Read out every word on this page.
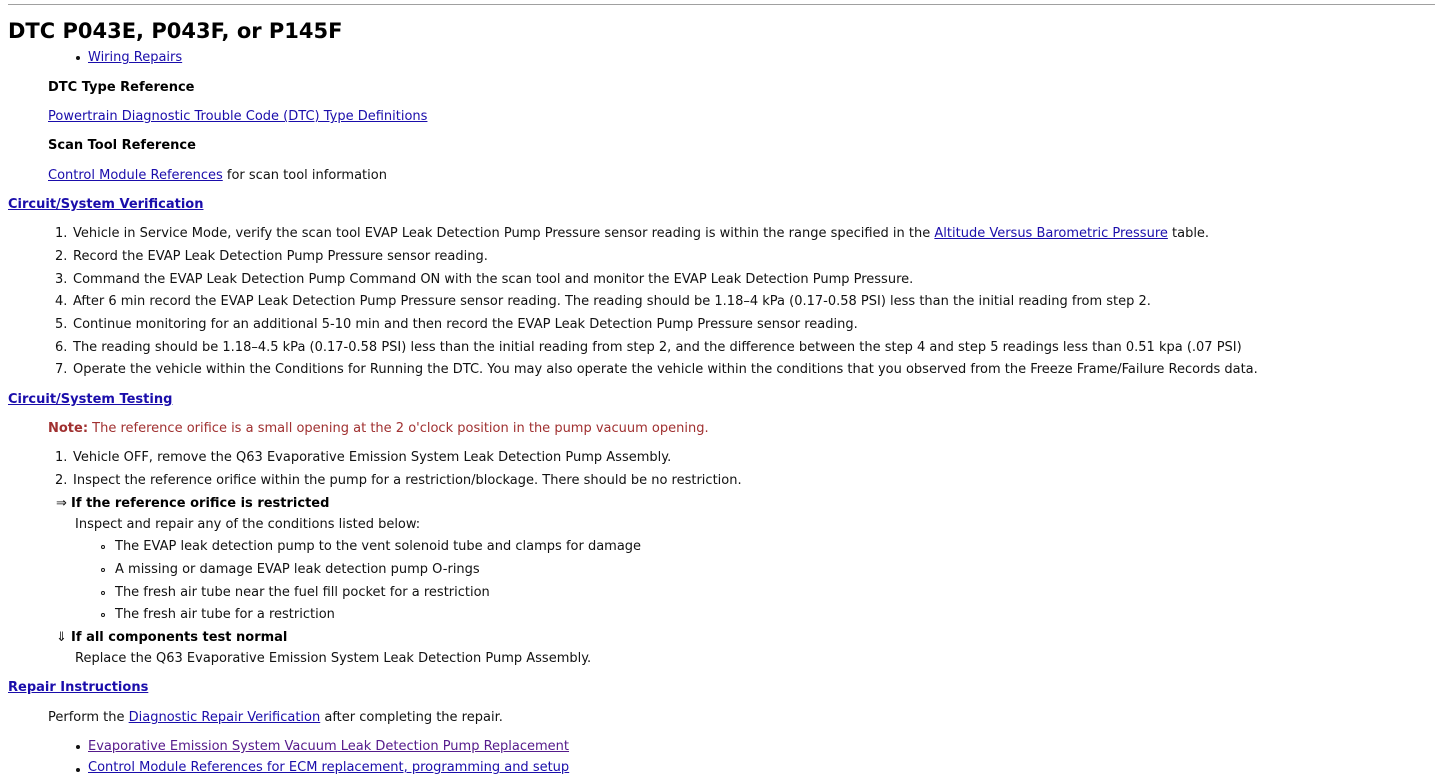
DTC P043E, P043F, or P145F
Wiring Repairs
DTC Type Reference
Powertrain Diagnostic Trouble Code (DTC) Type Definitions
Scan Tool Reference
Control Module References for scan tool information
Circuit/System Verification
1. Vehicle in Service Mode, verify the scan tool EVAP Leak Detection Pump Pressure sensor reading is within the range specified in the Altitude Versus Barometric Pressure table.
2. Record the EVAP Leak Detection Pump Pressure sensor reading.
3. Command the EVAP Leak Detection Pump Command ON with the scan tool and monitor the EVAP Leak Detection Pump Pressure.
4. After 6 min record the EVAP Leak Detection Pump Pressure sensor reading. The reading should be 1.18–4 kPa (0.17-0.58 PSI) less than the initial reading from step 2.
5. Continue monitoring for an additional 5-10 min and then record the EVAP Leak Detection Pump Pressure sensor reading.
6. The reading should be 1.18–4.5 kPa (0.17-0.58 PSI) less than the initial reading from step 2, and the difference between the step 4 and step 5 readings less than 0.51 kpa (.07 PSI)
7. Operate the vehicle within the Conditions for Running the DTC. You may also operate the vehicle within the conditions that you observed from the Freeze Frame/Failure Records data.
Circuit/System Testing
Note: The reference orifice is a small opening at the 2 o'clock position in the pump vacuum opening.
1. Vehicle OFF, remove the Q63 Evaporative Emission System Leak Detection Pump Assembly.
2. Inspect the reference orifice within the pump for a restriction/blockage. There should be no restriction.
⇒ If the reference orifice is restricted
Inspect and repair any of the conditions listed below:
The EVAP leak detection pump to the vent solenoid tube and clamps for damage
A missing or damage EVAP leak detection pump O-rings
The fresh air tube near the fuel fill pocket for a restriction
The fresh air tube for a restriction
⇓ If all components test normal
Replace the Q63 Evaporative Emission System Leak Detection Pump Assembly.
Repair Instructions
Perform the Diagnostic Repair Verification after completing the repair.
Evaporative Emission System Vacuum Leak Detection Pump Replacement
Control Module References for ECM replacement, programming and setup
